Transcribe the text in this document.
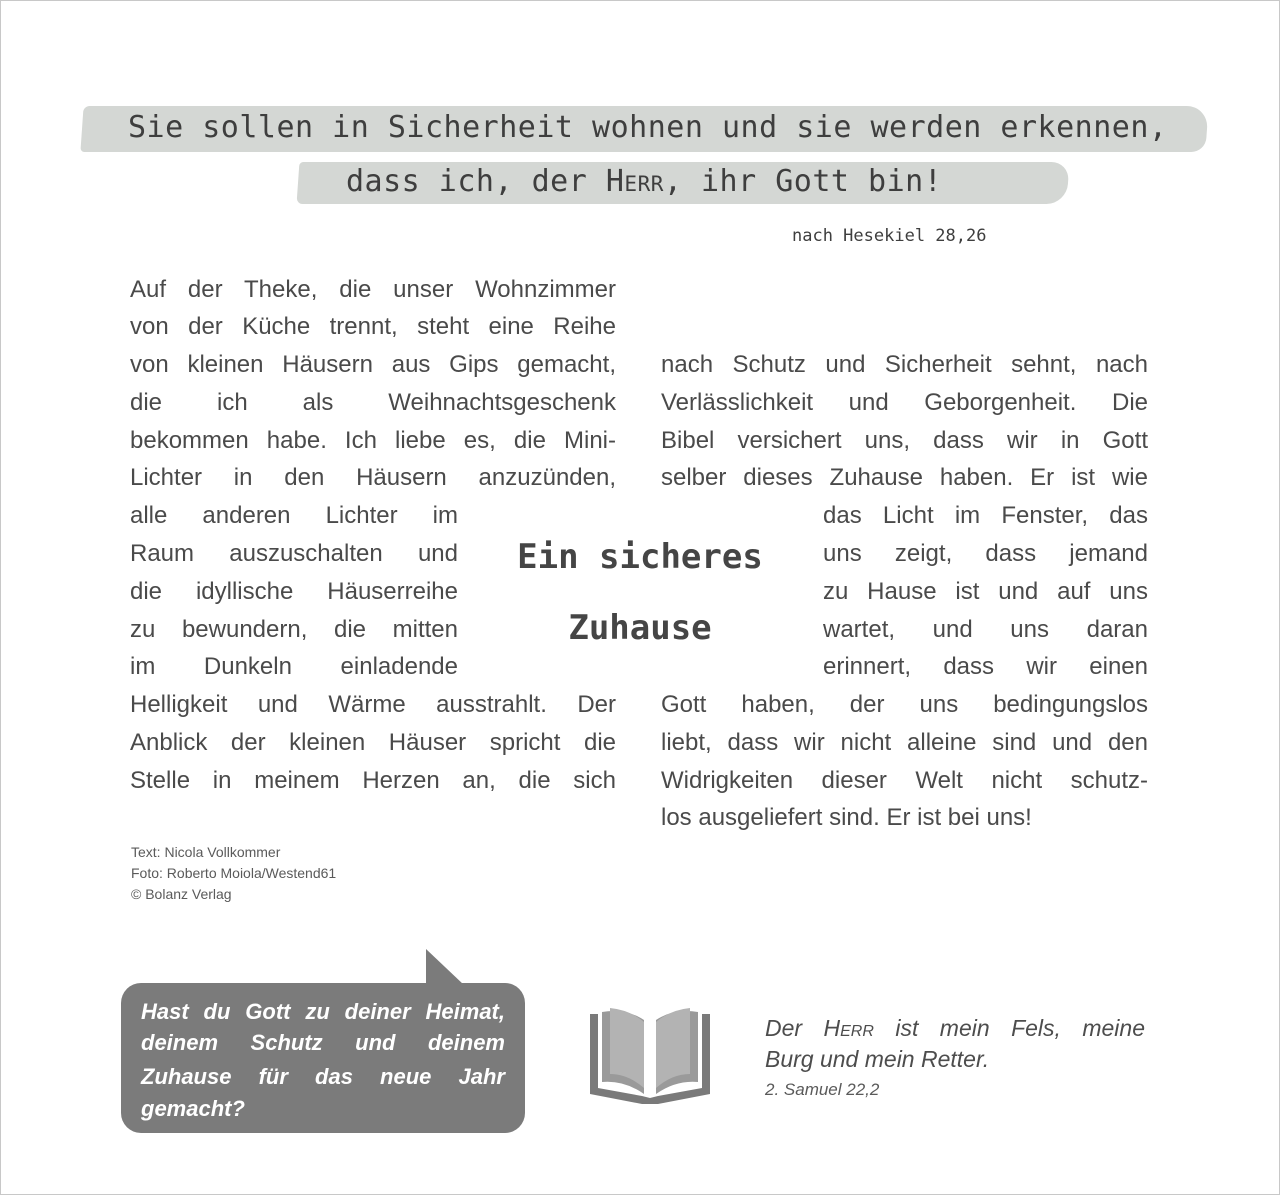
Sie sollen in Sicherheit wohnen und sie werden erkennen,
dass ich, der Herr, ihr Gott bin!
nach Hesekiel 28,26
Auf der Theke, die unser Wohnzimmer
von der Küche trennt, steht eine Reihe
von kleinen Häusern aus Gips gemacht,
die ich als Weihnachtsgeschenk
bekommen habe. Ich liebe es, die Mini-
Lichter in den Häusern anzuzünden,
alle anderen Lichter im
Raum auszuschalten und
die idyllische Häuserreihe
zu bewundern, die mitten
im Dunkeln einladende
Helligkeit und Wärme ausstrahlt. Der
Anblick der kleinen Häuser spricht die
Stelle in meinem Herzen an, die sich
Ein sicheres
Zuhause
nach Schutz und Sicherheit sehnt, nach
Verlässlichkeit und Geborgenheit. Die
Bibel versichert uns, dass wir in Gott
selber dieses Zuhause haben. Er ist wie
das Licht im Fenster, das
uns zeigt, dass jemand
zu Hause ist und auf uns
wartet, und uns daran
erinnert, dass wir einen
Gott haben, der uns bedingungslos
liebt, dass wir nicht alleine sind und den
Widrigkeiten dieser Welt nicht schutz-
los ausgeliefert sind. Er ist bei uns!
Text: Nicola Vollkommer
Foto: Roberto Moiola/Westend61
© Bolanz Verlag
Hast du Gott zu deiner Heimat,
deinem Schutz und deinem
Zuhause für das neue Jahr
gemacht?
Der Herr ist mein Fels, meine
Burg und mein Retter.
2. Samuel 22,2
